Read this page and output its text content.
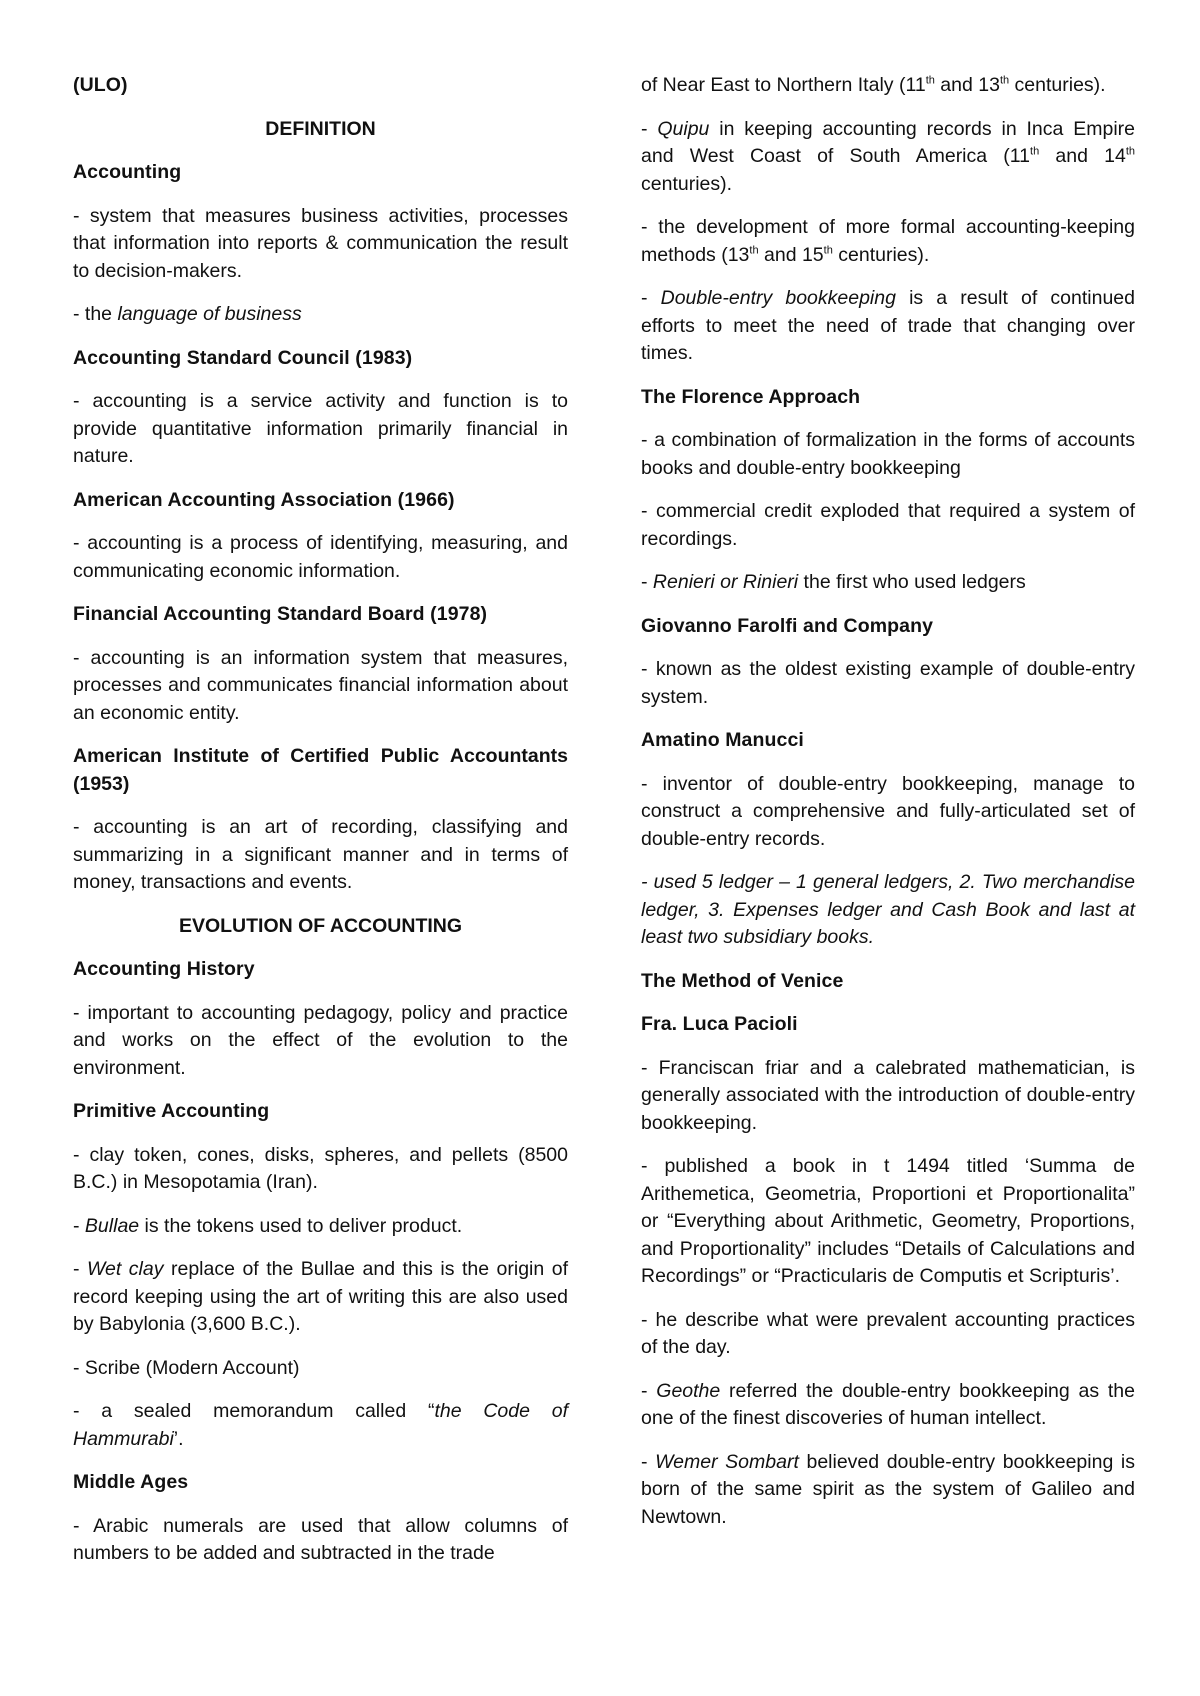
(ULO)

DEFINITION

Accounting

- system that measures business activities, processes that information into reports & communication the result to decision-makers.

- the language of business

Accounting Standard Council (1983)

- accounting is a service activity and function is to provide quantitative information primarily financial in nature.

American Accounting Association (1966)

- accounting is a process of identifying, measuring, and communicating economic information.

Financial Accounting Standard Board (1978)

- accounting is an information system that measures, processes and communicates financial information about an economic entity.

American Institute of Certified Public Accountants (1953)

- accounting is an art of recording, classifying and summarizing in a significant manner and in terms of money, transactions and events.

EVOLUTION OF ACCOUNTING

Accounting History

- important to accounting pedagogy, policy and practice and works on the effect of the evolution to the environment.

Primitive Accounting

- clay token, cones, disks, spheres, and pellets (8500 B.C.) in Mesopotamia (Iran).

- Bullae is the tokens used to deliver product.

- Wet clay replace of the Bullae and this is the origin of record keeping using the art of writing this are also used by Babylonia (3,600 B.C.).

- Scribe (Modern Account)

- a sealed memorandum called “the Code of Hammurabi’.

Middle Ages

- Arabic numerals are used that allow columns of numbers to be added and subtracted in the trade

of Near East to Northern Italy (11th and 13th centuries).

- Quipu in keeping accounting records in Inca Empire and West Coast of South America (11th and 14th centuries).

- the development of more formal accounting-keeping methods (13th and 15th centuries).

- Double-entry bookkeeping is a result of continued efforts to meet the need of trade that changing over times.

The Florence Approach

- a combination of formalization in the forms of accounts books and double-entry bookkeeping

- commercial credit exploded that required a system of recordings.

- Renieri or Rinieri the first who used ledgers

Giovanno Farolfi and Company

- known as the oldest existing example of double-entry system.

Amatino Manucci

- inventor of double-entry bookkeeping, manage to construct a comprehensive and fully-articulated set of double-entry records.

- used 5 ledger – 1 general ledgers, 2. Two merchandise ledger, 3. Expenses ledger and Cash Book and last at least two subsidiary books.

The Method of Venice

Fra. Luca Pacioli

- Franciscan friar and a calebrated mathematician, is generally associated with the introduction of double-entry bookkeeping.

- published a book in t 1494 titled ‘Summa de Arithemetica, Geometria, Proportioni et Proportionalita” or “Everything about Arithmetic, Geometry, Proportions, and Proportionality” includes “Details of Calculations and Recordings” or “Practicularis de Computis et Scripturis’.

- he describe what were prevalent accounting practices of the day.

- Geothe referred the double-entry bookkeeping as the one of the finest discoveries of human intellect.

- Wemer Sombart believed double-entry bookkeeping is born of the same spirit as the system of Galileo and Newtown.
